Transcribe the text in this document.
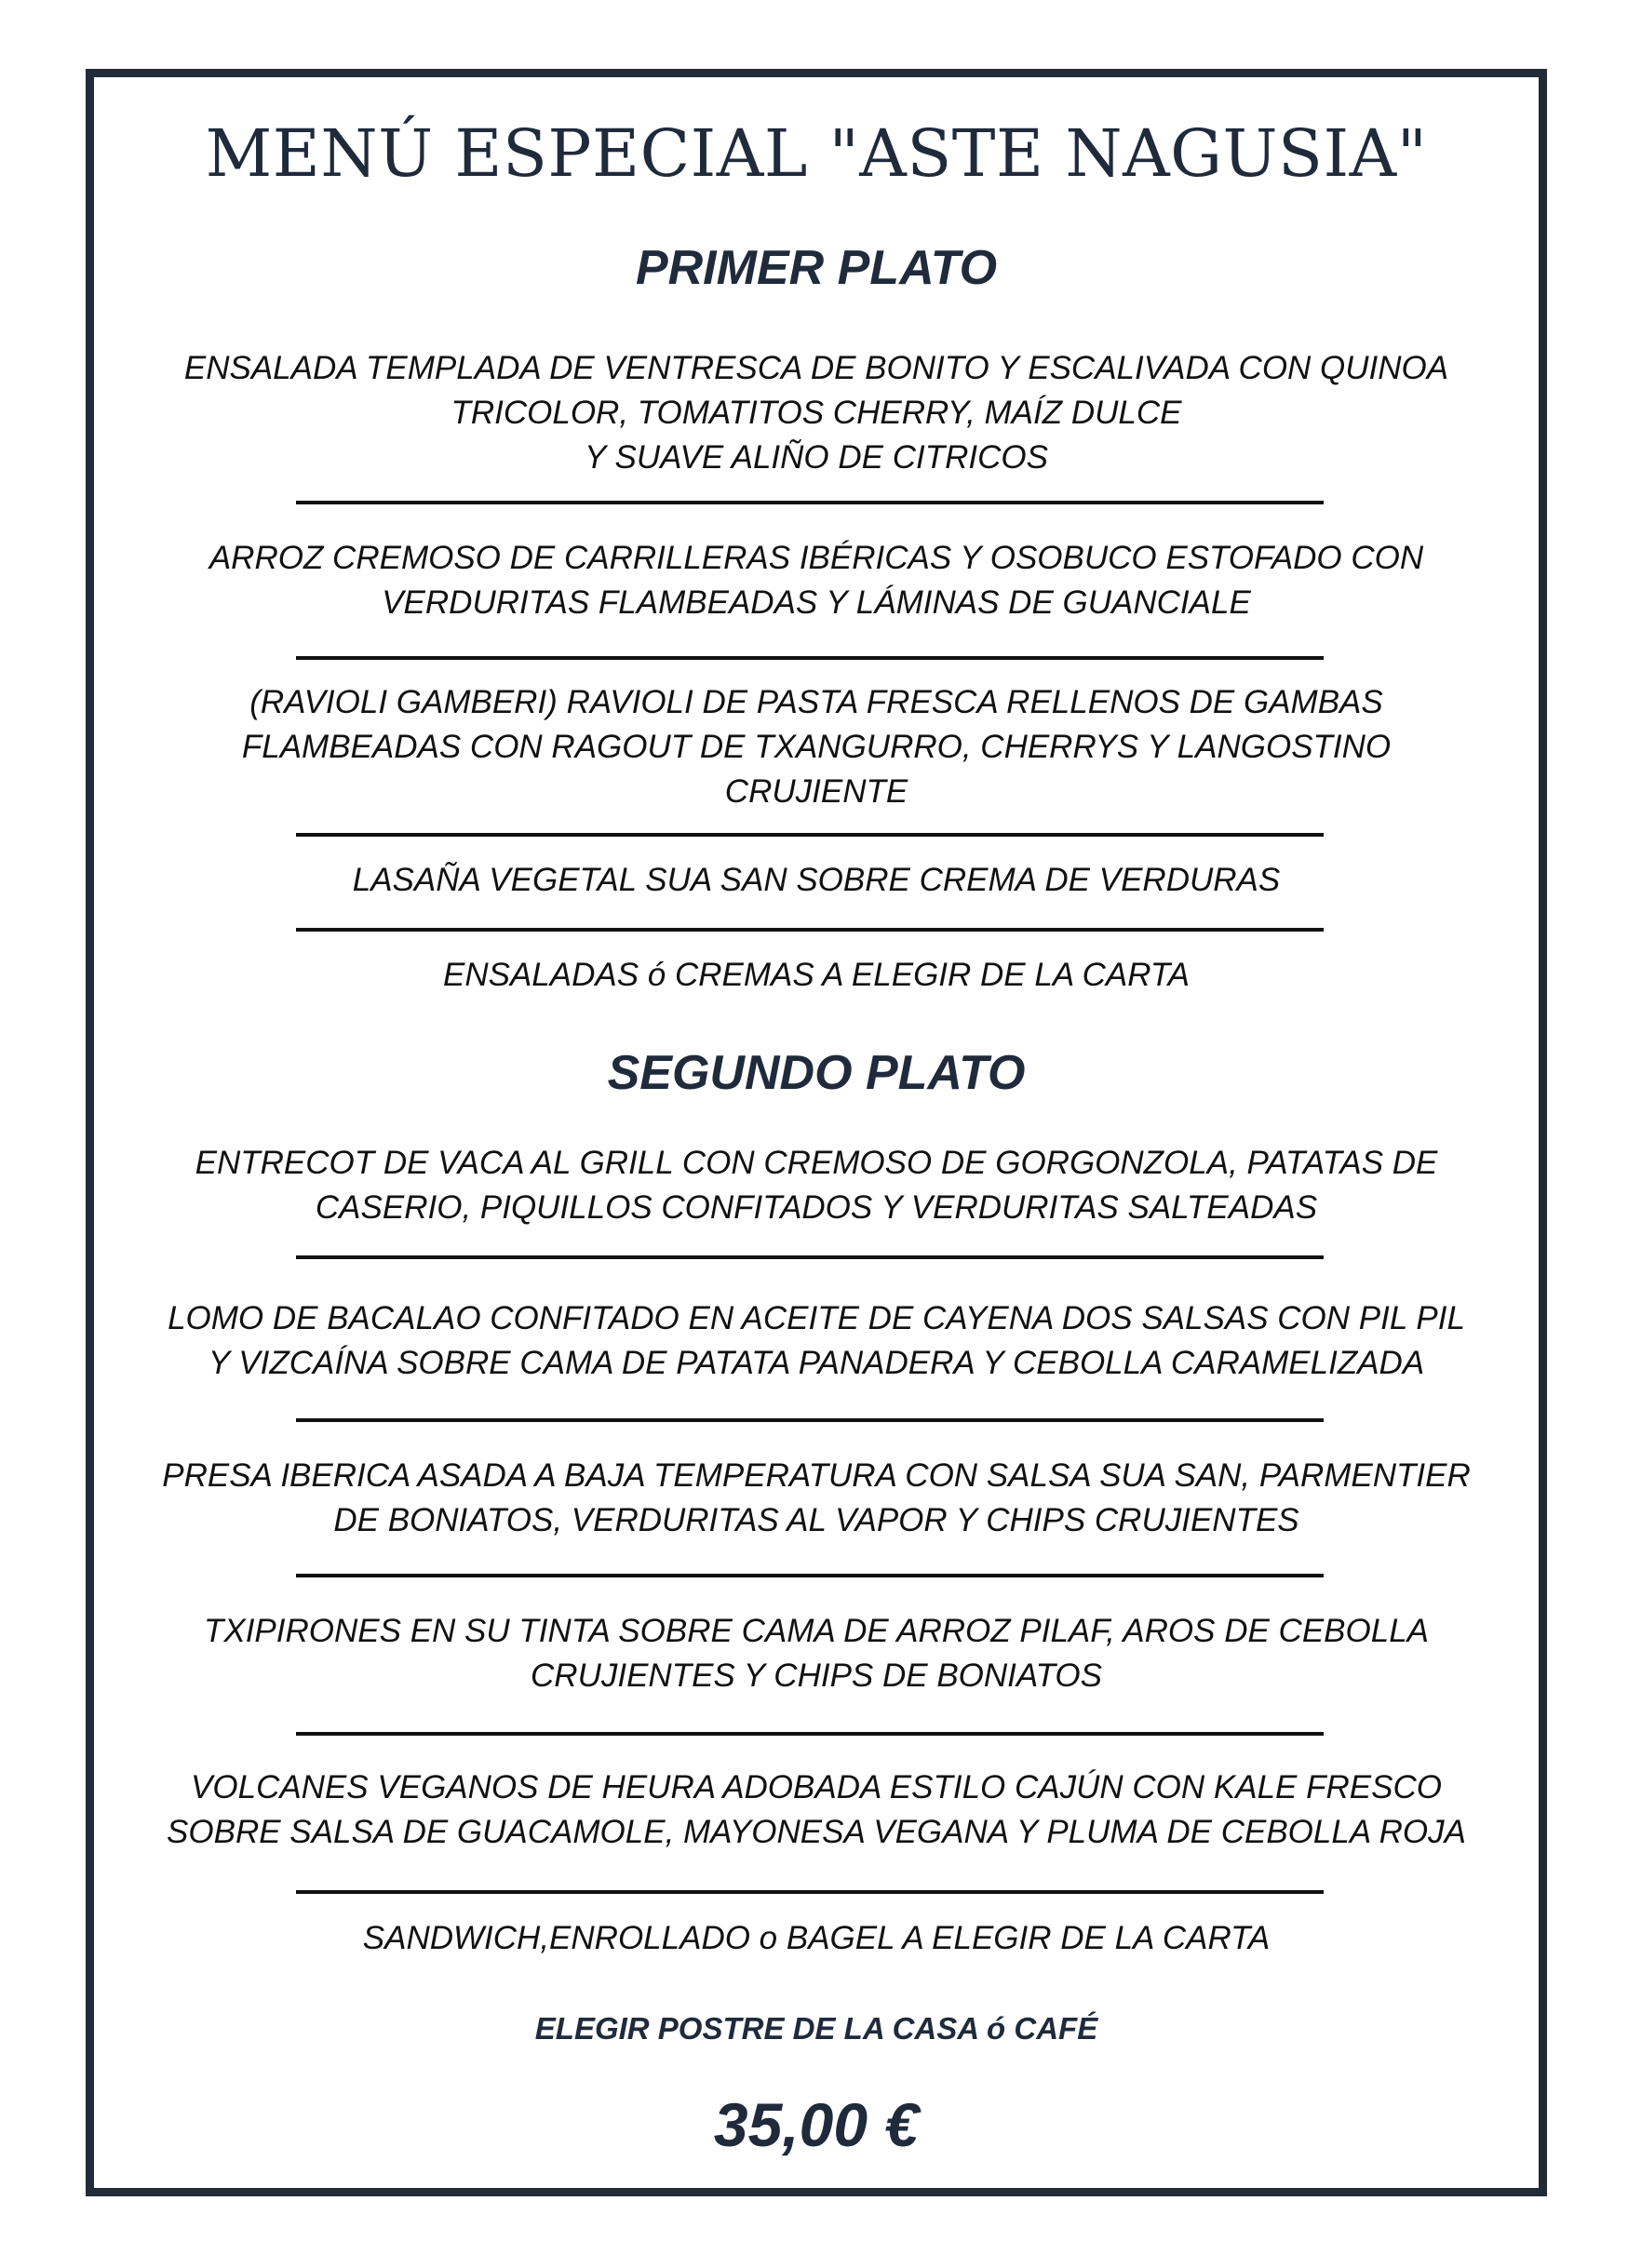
MENÚ ESPECIAL "ASTE NAGUSIA"
PRIMER PLATO
ENSALADA TEMPLADA DE VENTRESCA DE BONITO Y ESCALIVADA CON QUINOA
TRICOLOR, TOMATITOS CHERRY, MAÍZ DULCE
Y SUAVE ALIÑO DE CITRICOS
ARROZ CREMOSO DE CARRILLERAS IBÉRICAS Y OSOBUCO ESTOFADO CON
VERDURITAS FLAMBEADAS Y LÁMINAS DE GUANCIALE
(RAVIOLI GAMBERI) RAVIOLI DE PASTA FRESCA RELLENOS DE GAMBAS
FLAMBEADAS CON RAGOUT DE TXANGURRO, CHERRYS Y LANGOSTINO
CRUJIENTE
LASAÑA VEGETAL SUA SAN SOBRE CREMA DE VERDURAS
ENSALADAS ó CREMAS A ELEGIR DE LA CARTA
SEGUNDO PLATO
ENTRECOT DE VACA AL GRILL CON CREMOSO DE GORGONZOLA, PATATAS DE
CASERIO, PIQUILLOS CONFITADOS Y VERDURITAS SALTEADAS
LOMO DE BACALAO CONFITADO EN ACEITE DE CAYENA DOS SALSAS CON PIL PIL
Y VIZCAÍNA SOBRE CAMA DE PATATA PANADERA Y CEBOLLA CARAMELIZADA
PRESA IBERICA ASADA A BAJA TEMPERATURA CON SALSA SUA SAN, PARMENTIER
DE BONIATOS, VERDURITAS AL VAPOR Y CHIPS CRUJIENTES
TXIPIRONES EN SU TINTA SOBRE CAMA DE ARROZ PILAF, AROS DE CEBOLLA
CRUJIENTES Y CHIPS DE BONIATOS
VOLCANES VEGANOS DE HEURA ADOBADA ESTILO CAJÚN CON KALE FRESCO
SOBRE SALSA DE GUACAMOLE, MAYONESA VEGANA Y PLUMA DE CEBOLLA ROJA
SANDWICH,ENROLLADO o BAGEL A ELEGIR DE LA CARTA
ELEGIR POSTRE DE LA CASA ó CAFÉ
35,00 €
